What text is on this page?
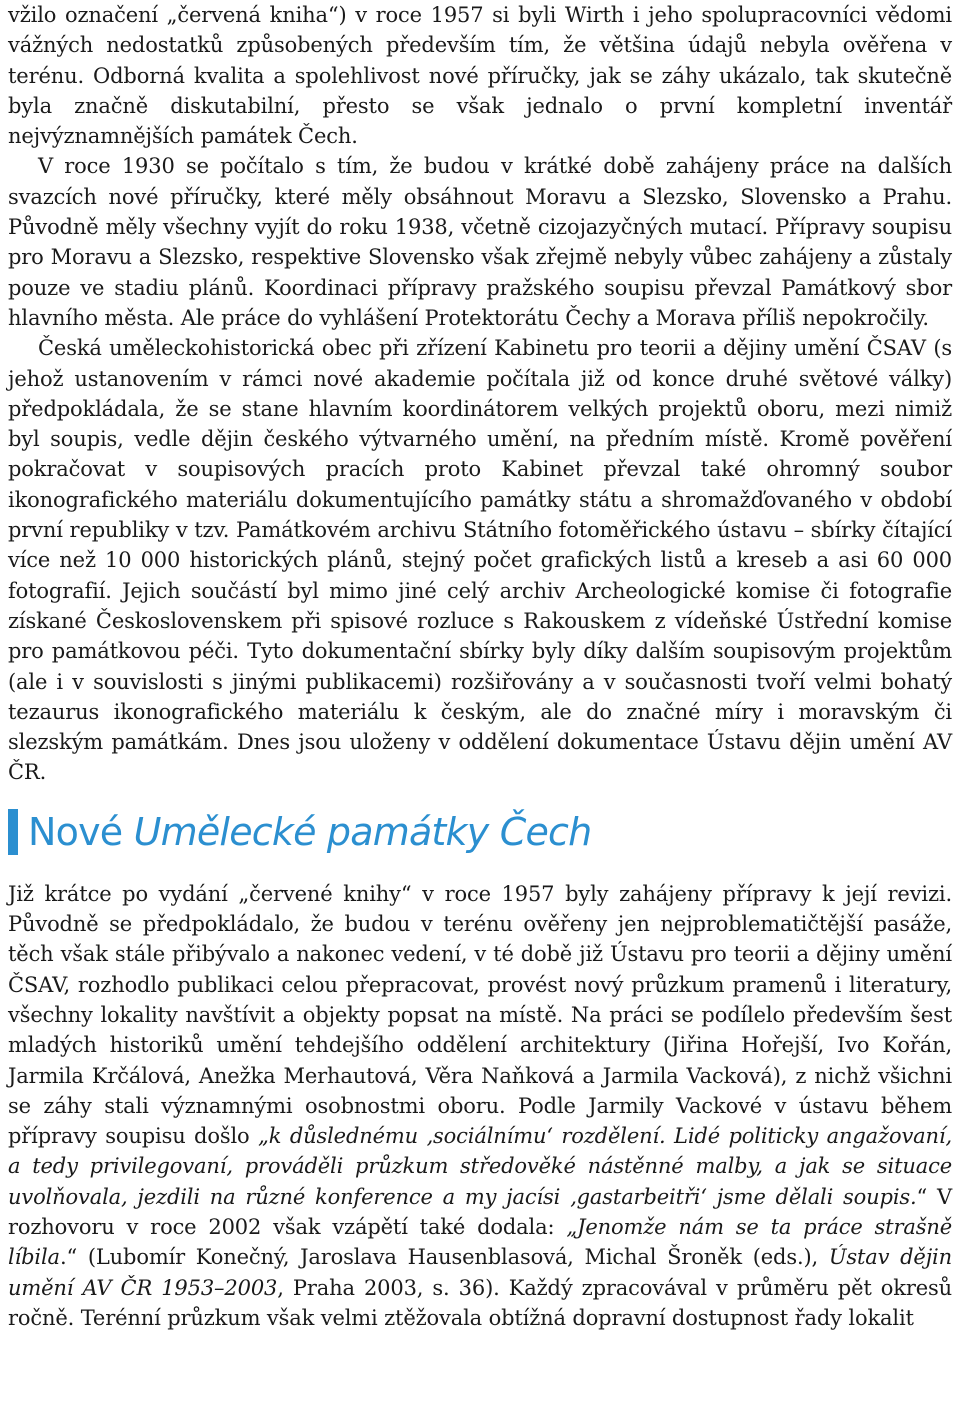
vžilo označení „červená kniha“) v roce 1957 si byli Wirth i jeho spolupracovníci vědomi vážných nedostatků způsobených především tím, že většina údajů nebyla ověřena v terénu. Odborná kvalita a spolehlivost nové příručky, jak se záhy ukázalo, tak skutečně byla značně diskutabilní, přesto se však jednalo o první kompletní inventář nejvýznamnějších památek Čech.

V roce 1930 se počítalo s tím, že budou v krátké době zahájeny práce na dalších svazcích nové příručky, které měly obsáhnout Moravu a Slezsko, Slovensko a Prahu. Původně měly všechny vyjít do roku 1938, včetně cizojazyčných mutací. Přípravy soupisu pro Moravu a Slezsko, respektive Slovensko však zřejmě nebyly vůbec zahájeny a zůstaly pouze ve stadiu plánů. Koordinaci přípravy pražského soupisu převzal Památkový sbor hlavního města. Ale práce do vyhlášení Protektorátu Čechy a Morava příliš nepokročily.

Česká uměleckohistorická obec při zřízení Kabinetu pro teorii a dějiny umění ČSAV (s jehož ustanovením v rámci nové akademie počítala již od konce druhé světové války) předpokládala, že se stane hlavním koordinátorem velkých projektů oboru, mezi nimiž byl soupis, vedle dějin českého výtvarného umění, na předním místě. Kromě pověření pokračovat v soupisových pracích proto Kabinet převzal také ohromný soubor ikonografického materiálu dokumentujícího památky státu a shromažďovaného v období první republiky v tzv. Památkovém archivu Státního fotoměřického ústavu – sbírky čítající více než 10 000 historických plánů, stejný počet grafických listů a kreseb a asi 60 000 fotografií. Jejich součástí byl mimo jiné celý archiv Archeologické komise či fotografie získané Československem při spisové rozluce s Rakouskem z vídeňské Ústřední komise pro památkovou péči. Tyto dokumentační sbírky byly díky dalším soupisovým projektům (ale i v souvislosti s jinými publikacemi) rozšiřovány a v současnosti tvoří velmi bohatý tezaurus ikonografického materiálu k českým, ale do značné míry i moravským či slezským památkám. Dnes jsou uloženy v oddělení dokumentace Ústavu dějin umění AV ČR.

Nové Umělecké památky Čech

Již krátce po vydání „červené knihy“ v roce 1957 byly zahájeny přípravy k její revizi. Původně se předpokládalo, že budou v terénu ověřeny jen nejproblematičtější pasáže, těch však stále přibývalo a nakonec vedení, v té době již Ústavu pro teorii a dějiny umění ČSAV, rozhodlo publikaci celou přepracovat, provést nový průzkum pramenů i literatury, všechny lokality navštívit a objekty popsat na místě. Na práci se podílelo především šest mladých historiků umění tehdejšího oddělení architektury (Jiřina Hořejší, Ivo Kořán, Jarmila Krčálová, Anežka Merhautová, Věra Naňková a Jarmila Vacková), z nichž všichni se záhy stali významnými osobnostmi oboru. Podle Jarmily Vackové v ústavu během přípravy soupisu došlo „k důslednému ‚sociálnímu‘ rozdělení. Lidé politicky angažovaní, a tedy privilegovaní, prováděli průzkum středověké nástěnné malby, a jak se situace uvolňovala, jezdili na různé konference a my jacísi ‚gastarbeitři‘ jsme dělali soupis.“ V rozhovoru v roce 2002 však vzápětí také dodala: „Jenomže nám se ta práce strašně líbila.“ (Lubomír Konečný, Jaroslava Hausenblasová, Michal Šroněk (eds.), Ústav dějin umění AV ČR 1953–2003, Praha 2003, s. 36). Každý zpracovával v průměru pět okresů ročně. Terénní průzkum však velmi ztěžovala obtížná dopravní dostupnost řady lokalit
